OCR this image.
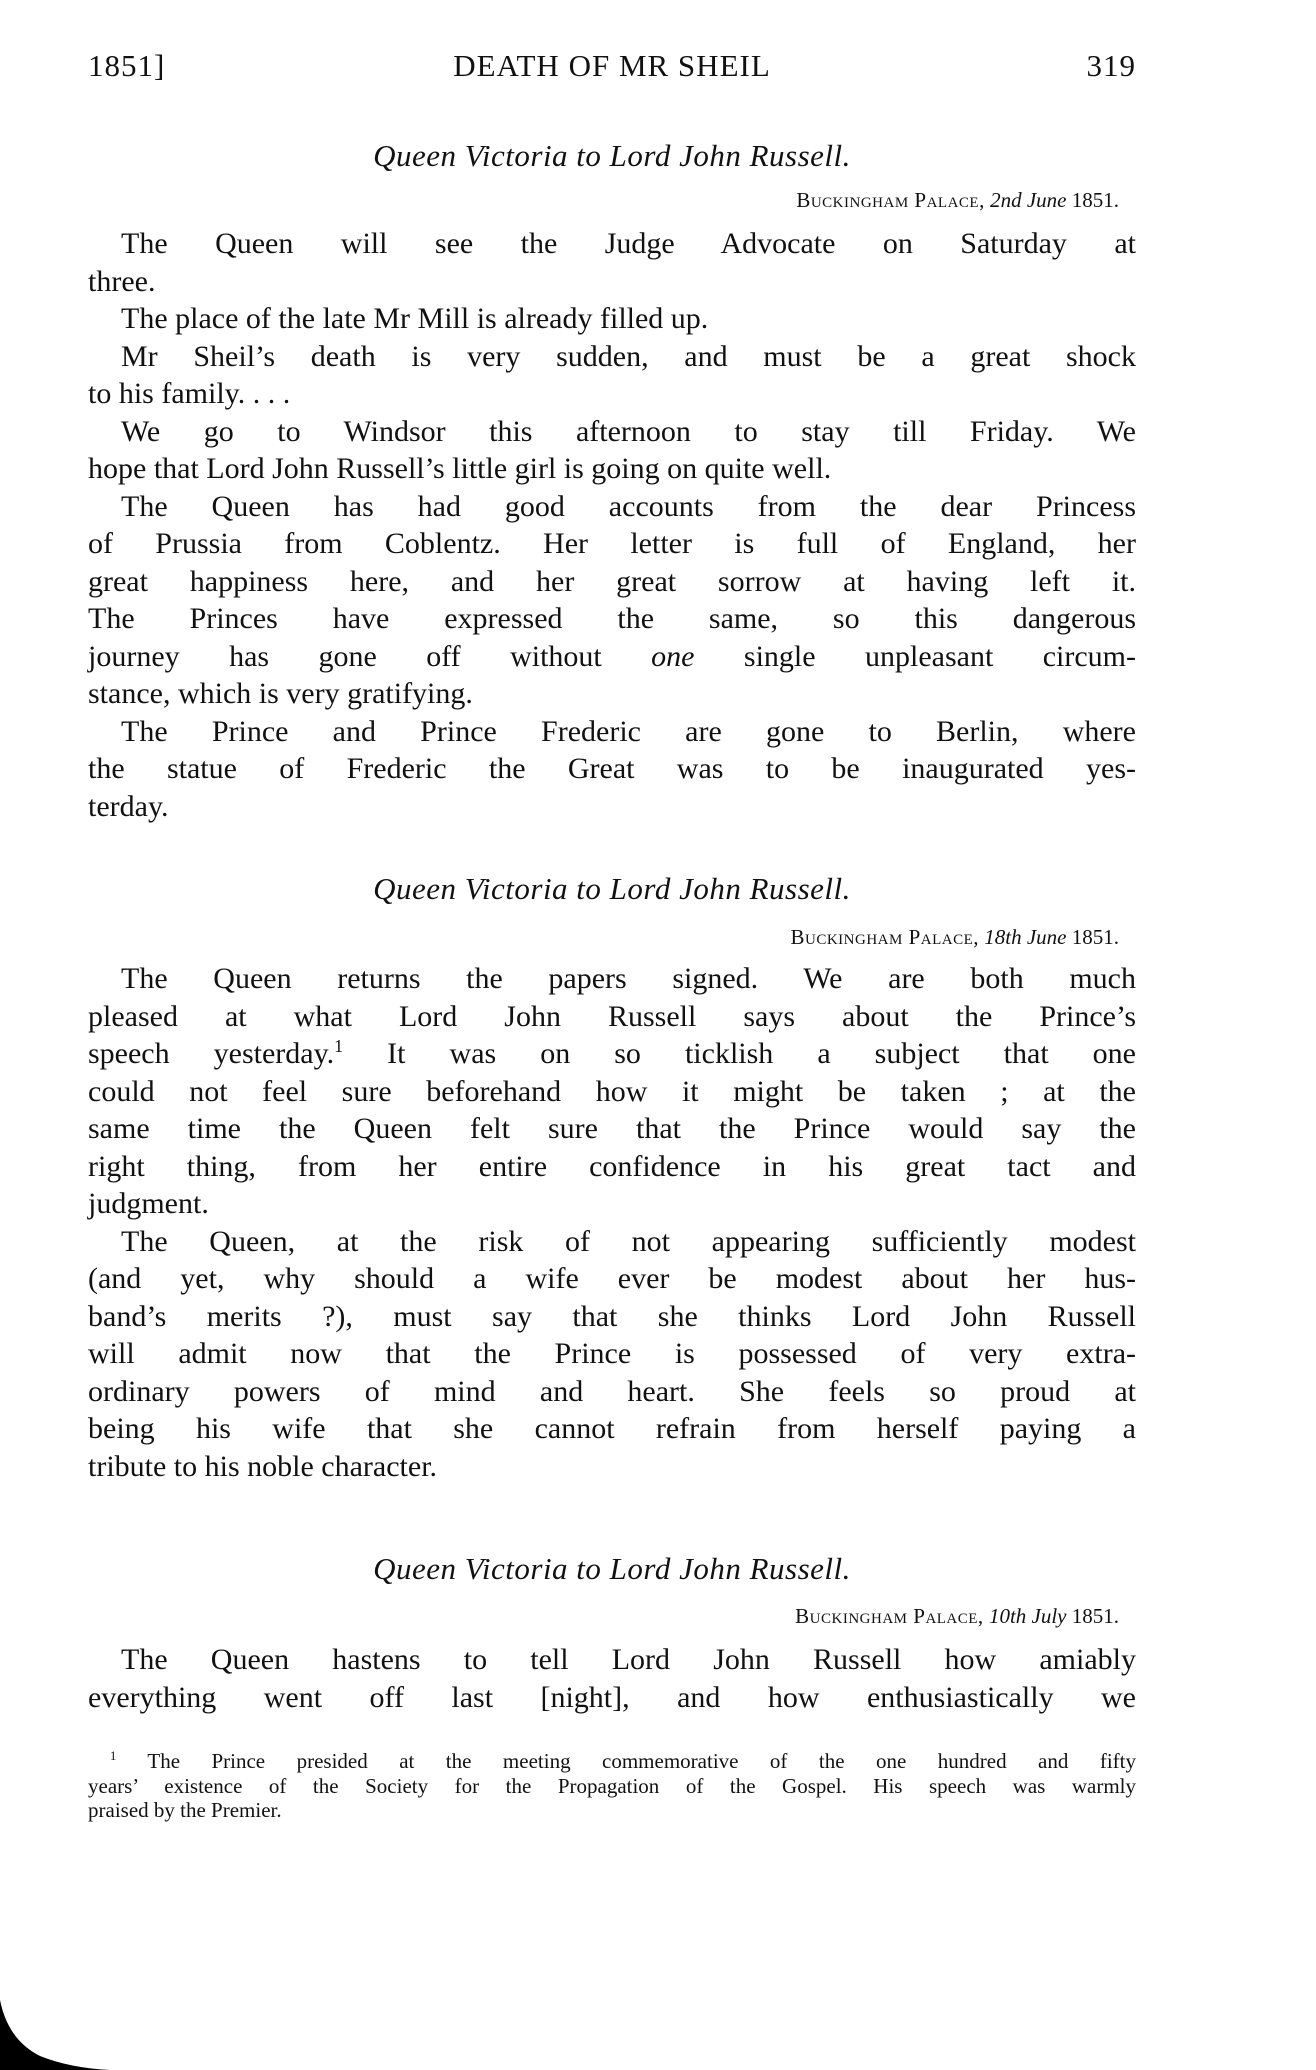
1851]	DEATH OF MR SHEIL	319
Queen Victoria to Lord John Russell.
Buckingham Palace, 2nd June 1851.
The Queen will see the Judge Advocate on Saturday at
three.
The place of the late Mr Mill is already filled up.
Mr Sheil’s death is very sudden, and must be a great shock
to his family. . . .
We go to Windsor this afternoon to stay till Friday. We
hope that Lord John Russell’s little girl is going on quite well.
The Queen has had good accounts from the dear Princess
of Prussia from Coblentz. Her letter is full of England, her
great happiness here, and her great sorrow at having left it.
The Princes have expressed the same, so this dangerous
journey has gone off without one single unpleasant circum-
stance, which is very gratifying.
The Prince and Prince Frederic are gone to Berlin, where
the statue of Frederic the Great was to be inaugurated yes-
terday.
Queen Victoria to Lord John Russell.
Buckingham Palace, 18th June 1851.
The Queen returns the papers signed. We are both much
pleased at what Lord John Russell says about the Prince’s
speech yesterday.$^1$ It was on so ticklish a subject that one
could not feel sure beforehand how it might be taken ; at the
same time the Queen felt sure that the Prince would say the
right thing, from her entire confidence in his great tact and
judgment.
The Queen, at the risk of not appearing sufficiently modest
(and yet, why should a wife ever be modest about her hus-
band’s merits ?), must say that she thinks Lord John Russell
will admit now that the Prince is possessed of very extra-
ordinary powers of mind and heart. She feels so proud at
being his wife that she cannot refrain from herself paying a
tribute to his noble character.
Queen Victoria to Lord John Russell.
Buckingham Palace, 10th July 1851.
The Queen hastens to tell Lord John Russell how amiably
everything went off last [night], and how enthusiastically we
$^1$ The Prince presided at the meeting commemorative of the one hundred and fifty
years’ existence of the Society for the Propagation of the Gospel. His speech was warmly
praised by the Premier.
